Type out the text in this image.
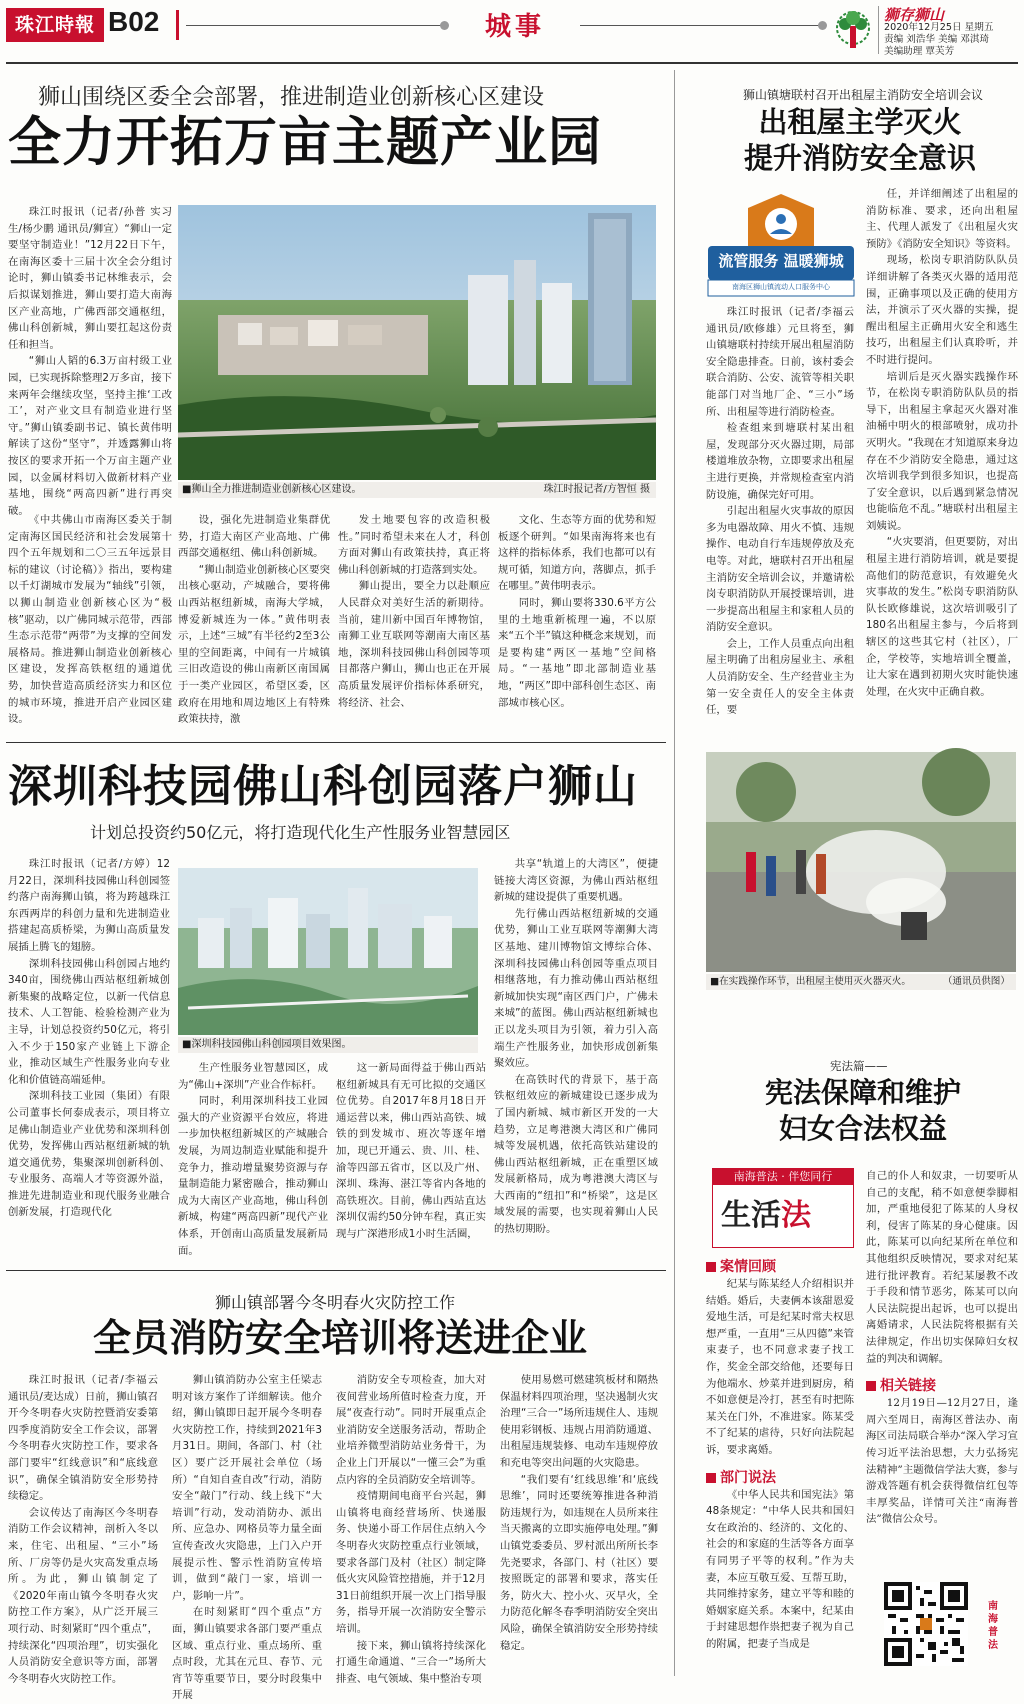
珠江時報 B02	城事	狮存狮山
2020年12月25日 星期五
责编 刘浩华 美编 邓淇琦
美编助理 覃芙芳
狮山围绕区委全会部署，推进制造业创新核心区建设
全力开拓万亩主题产业园

珠江时报讯（记者/孙普 实习生/杨少鹏 通讯员/狮宣）“狮山一定要坚守制造业！”12月22日下午，在南海区委十三届十次全会分组讨论时，狮山镇委书记林维表示，会后拟谋划推进，狮山要打造大南海区产业高地，广佛西部交通枢纽，佛山科创新城，狮山要扛起这份责任和担当。

“狮山人韬的6.3万亩村级工业园，已实现拆除整理2万多亩，接下来两年会继续攻坚，坚持主推‘工改工’，对产业文旦有制造业进行坚守。”狮山镇委副书记、镇长黄伟明解读了这份“坚守”，并透露狮山将按区的要求开拓一个万亩主题产业园，以金属材料切入做新材料产业基地，围绕“两高四新”进行再突破。

■狮山全力推进制造业创新核心区建设。	珠江时报记者/方智恒 摄

《中共佛山市南海区委关于制定南海区国民经济和社会发展第十四个五年规划和二〇三五年远景目标的建议（讨论稿）》指出，要构建以千灯湖城市发展为“轴线”引领，以狮山制造业创新核心区为“极核”驱动，以广佛同城示范带，西部生态示范带“两带”为支撑的空间发展格局。推进狮山制造业创新核心区建设，发挥高铁枢纽的通道优势，加快营造高质经济实力和区位的城市环境，推进开启产业园区建设。

设，强化先进制造业集群优势，打造大南区产业高地、广佛西部交通枢纽、佛山科创新城。

“狮山制造业创新核心区要突出核心驱动，产城融合，要将佛山西站枢纽新城，南海大学城，博爱新城连为一体。”黄伟明表示，上述“三城”有半径约2至3公里的空间距离，中间有一片城镇三旧改造设的佛山南新区南国属于一类产业园区，希望区委，区政府在用地和周边地区上有特殊政策扶持，激

发土地要包容的改造积极性。”同时希望未来在人才，科创方面对狮山有政策扶持，真正将佛山科创新城的打造落到实处。

狮山提出，要全力以赴顺应人民群众对美好生活的新期待。当前，建川新中国百年博物馆，南狮工业互联网等潮南大南区基地，深圳科技园佛山科创园等项目都落户狮山，狮山也正在开展高质量发展评价指标体系研究，将经济、社会、

文化、生态等方面的优势和短板逐个研判。“如果南海将来也有这样的指标体系，我们也都可以有规可循，知道方向，落脚点，抓手在哪里。”黄伟明表示。

同时，狮山要将330.6平方公里的土地重新梳理一遍，不以原来“五个半”镇这种概念来规划，而是要构建“两区一基地”空间格局。“一基地”即北部制造业基地，“两区”即中部科创生态区、南部城市核心区。

深圳科技园佛山科创园落户狮山
计划总投资约50亿元，将打造现代化生产性服务业智慧园区

珠江时报讯（记者/方婷）12月22日，深圳科技园佛山科创园签约落户南海狮山镇，将为跨越珠江东西两岸的科创力量和先进制造业搭建起高质桥梁，为狮山高质量发展插上腾飞的翅膀。

深圳科技园佛山科创园占地约340亩，围绕佛山西站枢纽新城创新集聚的战略定位，以新一代信息技术、人工智能、检验检测产业为主导，计划总投资约50亿元，将引入不少于150家产业链上下游企业，推动区域生产性服务业向专业化和价值链高端延伸。

深圳科技工业园（集团）有限公司董事长何泰成表示，项目将立足佛山制造业产业优势和深圳科创优势，发挥佛山西站枢纽新城的轨道交通优势，集聚深圳创新科创、专业服务、高端人才等资源外溢，推进先进制造业和现代服务业融合创新发展，打造现代化

■深圳科技园佛山科创园项目效果图。

生产性服务业智慧园区，成为“佛山+深圳”产业合作标杆。

同时，利用深圳科技工业园强大的产业资源平台效应，将进一步加快枢纽新城区的产城融合发展，为周边制造业赋能和提升竞争力，推动增量聚势资源与存量制造能力紧密融合，推动狮山成为大南区产业高地，佛山科创新城，构建“两高四新”现代产业体系，开创南山高质量发展新局面。

这一新局面得益于佛山西站枢纽新城具有无可比拟的交通区位优势。自2017年8月18日开通运营以来，佛山西站高铁、城铁的到发城市、班次等逐年增加，现已开通云、贵、川、桂、渝等四部五省市，区以及广州、深圳、珠海、湛江等省内各地的高铁班次。目前，佛山西站直达深圳仅需约50分钟车程，真正实现与广深港形成1小时生活圈，

共享“轨道上的大湾区”，便捷链接大湾区资源，为佛山西站枢纽新城的建设提供了重要机遇。

先行佛山西站枢纽新城的交通优势，狮山工业互联网等潮狮大湾区基地、建川博物馆文博综合体、深圳科技园佛山科创园等重点项目相继落地，有力推动佛山西站枢纽新城加快实现“南区西门户，广佛未来城”的蓝图。佛山西站枢纽新城也正以龙头项目为引领，着力引入高端生产性服务业，加快形成创新集聚效应。

在高铁时代的背景下，基于高铁枢纽效应的新城建设已逐步成为了国内新城、城市新区开发的一大趋势，立足粤港澳大湾区和广佛同城等发展机遇，依托高铁站建设的佛山西站枢纽新城，正在重塑区域发展新格局，成为粤港澳大湾区与大西南的“纽扣”和“桥梁”，这是区域发展的需要，也实现着狮山人民的热切期盼。

狮山镇部署今冬明春火灾防控工作
全员消防安全培训将送进企业

珠江时报讯（记者/李福云 通讯员/麦达成）日前，狮山镇召开今冬明春火灾防控暨消安委第四季度消防安全工作会议，部署今冬明春火灾防控工作，要求各部门要牢“红线意识”和“底线意识”，确保全镇消防安全形势持续稳定。

会议传达了南海区今冬明春消防工作会议精神，剖析入冬以来，住宅、出租屋、“三小”场所、厂房等仍是火灾高发重点场所。为此，狮山镇制定了《2020年南山镇今冬明春火灾防控工作方案》，从广泛开展三项行动、时刻紧盯“四个重点”，持续深化“四项治理”，切实强化人员消防安全意识等方面，部署今冬明春火灾防控工作。

狮山镇消防办公室主任梁志明对该方案作了详细解读。他介绍，狮山镇即日起开展今冬明春火灾防控工作，持续到2021年3月31日。期间，各部门、村（社区）要广泛开展社会单位（场所）“自知自查自改”行动，消防安全“敲门”行动、线上线下“大培训”行动，发动消防办、派出所、应急办、网格员等力量全面宣传查改火灾隐患，上门入户开展提示性、警示性消防宣传培训，做到“敲门一家，培训一户，影响一片”。

在时刻紧盯“四个重点”方面，狮山镇要求各部门要严重点区域、重点行业、重点场所、重点时段，尤其在元旦、春节、元宵节等重要节日，要分时段集中开展

消防安全专项检查，加大对夜间营业场所值时检查力度，开展“夜查行动”。同时开展重点企业消防安全送服务活动，帮助企业培养微型消防站业务骨干，为企业上门开展以“一懂三会”为重点内容的全员消防安全培训等。

疫情期间电商平台兴起，狮山镇将电商经营场所、快递服务、快递小哥工作居住点纳入今冬明春火灾防控重点行业领域，要求各部门及村（社区）制定降低火灾风险管控措施，并于12月31日前组织开展一次上门指导服务，指导开展一次消防安全警示培训。

接下来，狮山镇将持续深化打通生命通道、“三合一”场所大排查、电气领域、集中整治专项

使用易燃可燃建筑板材和隔热保温材料四项治理，坚决遏制火灾治理“三合一”场所违规住人、违规使用彩钢板、违规占用消防通道、出租屋违规装修、电动车违规停放和充电等突出问题的火灾隐患。

“我们要有‘红线思维’和‘底线思维’，同时还要统筹推进各种消防违规行为，如违规在人员所来往当天搬离的立即实施停电处理。”狮山镇党委委员、罗村派出所所长李先尧要求，各部门、村（社区）要按照既定的部署和要求，落实任务，防火大、控小火、灭早火，全力防范化解冬春季明消防安全突出风险，确保全镇消防安全形势持续稳定。

狮山镇塘联村召开出租屋主消防安全培训会议
出租屋主学灭火
提升消防安全意识
流管服务 温暖狮城
南海区狮山镇流动人口服务中心

珠江时报讯（记者/李福云 通讯员/欧修雄）元旦将至，狮山镇塘联村持续开展出租屋消防安全隐患排查。日前，该村委会联合消防、公安、流管等相关职能部门对当地厂企、“三小”场所、出租屋等进行消防检查。

检查组来到塘联村某出租屋，发现部分灭火器过期，局部楼道堆放杂物，立即要求出租屋主进行更换，并常规检查室内消防设施，确保完好可用。

引起出租屋火灾事故的原因多为电器故障、用火不慎、违规操作、电动自行车违规停放及充电等。对此，塘联村召开出租屋主消防安全培训会议，并邀请松岗专职消防队开展授课培训，进一步提高出租屋主和家租人员的消防安全意识。

会上，工作人员重点向出租屋主明确了出租房屋业主、承租人员消防安全、生产经营业主为第一安全责任人的安全主体责任，要

任，并详细阐述了出租屋的消防标准、要求，还向出租屋主、代理人派发了《出租屋火灾预防》《消防安全知识》等资料。

现场，松岗专职消防队队员详细讲解了各类灭火器的适用范围，正确事项以及正确的使用方法，并演示了灭火器的实操，提醒出租屋主正确用火安全和逃生技巧，出租屋主们认真聆听，并不时进行提问。

培训后是灭火器实践操作环节，在松岗专职消防队队员的指导下，出租屋主拿起灭火器对准油桶中明火的根部喷射，成功扑灭明火。“我现在才知道原来身边存在不少消防安全隐患，通过这次培训我学到很多知识，也提高了安全意识，以后遇到紧急情况也能临危不乱。”塘联村出租屋主刘姨说。

“火灾要消，但更要防，对出租屋主进行消防培训，就是要提高他们的防范意识，有效避免火灾事故的发生。”松岗专职消防队队长欧修雄说，这次培训吸引了180名出租屋主参与，今后将到辖区的这些其它村（社区），厂企，学校等，实地培训全覆盖，让大家在遇到初期火灾时能快速处理，在火灾中正确自救。

■在实践操作环节，出租屋主使用灭火器灭火。	（通讯员供图）
宪法篇——
宪法保障和维护
妇女合法权益
南海普法 · 伴您同行
生活法
案情回顾

纪某与陈某经人介绍相识并结婚。婚后，夫妻俩本该甜恩爱爱地生活，可是纪某时常夫权思想严重，一直用“三从四德”来管束妻子，也不同意求妻子找工作，奖金全部交给他，还要每日为他端水、炒菜并进到厨房，稍不如意便是冷打，甚至有时把陈某关在门外，不准进家。陈某受不了纪某的虐待，只好向法院起诉，要求离婚。

部门说法

《中华人民共和国宪法》第48条规定：“中华人民共和国妇女在政治的、经济的、文化的、社会的和家庭的生活等各方面享有同男子平等的权利。”作为夫妻，本应互敬互爱、互帮互助，共同维持家务，建立平等和睦的婚姻家庭关系。本案中，纪某由于封建思想作祟把妻子视为自己的附属，把妻子当成是

自己的仆人和奴隶，一切要听从自己的支配，稍不如意便拳脚相加，严重地侵犯了陈某的人身权利，侵害了陈某的身心健康。因此，陈某可以向纪某所在单位和其他组织反映情况，要求对纪某进行批评教育。若纪某屡教不改于手段和情节恶劣，陈某可以向人民法院提出起诉，也可以提出离婚请求，人民法院将根据有关法律规定，作出切实保障妇女权益的判决和调解。

相关链接

12月19日—12月27日，逢周六至周日，南海区普法办、南海区司法局联合举办“深入学习宣传习近平法治思想，大力弘扬宪法精神”主题微信学法大赛，参与游戏答题有机会获得微信红包等丰厚奖品，详情可关注“南海普法”微信公众号。

南海普法
